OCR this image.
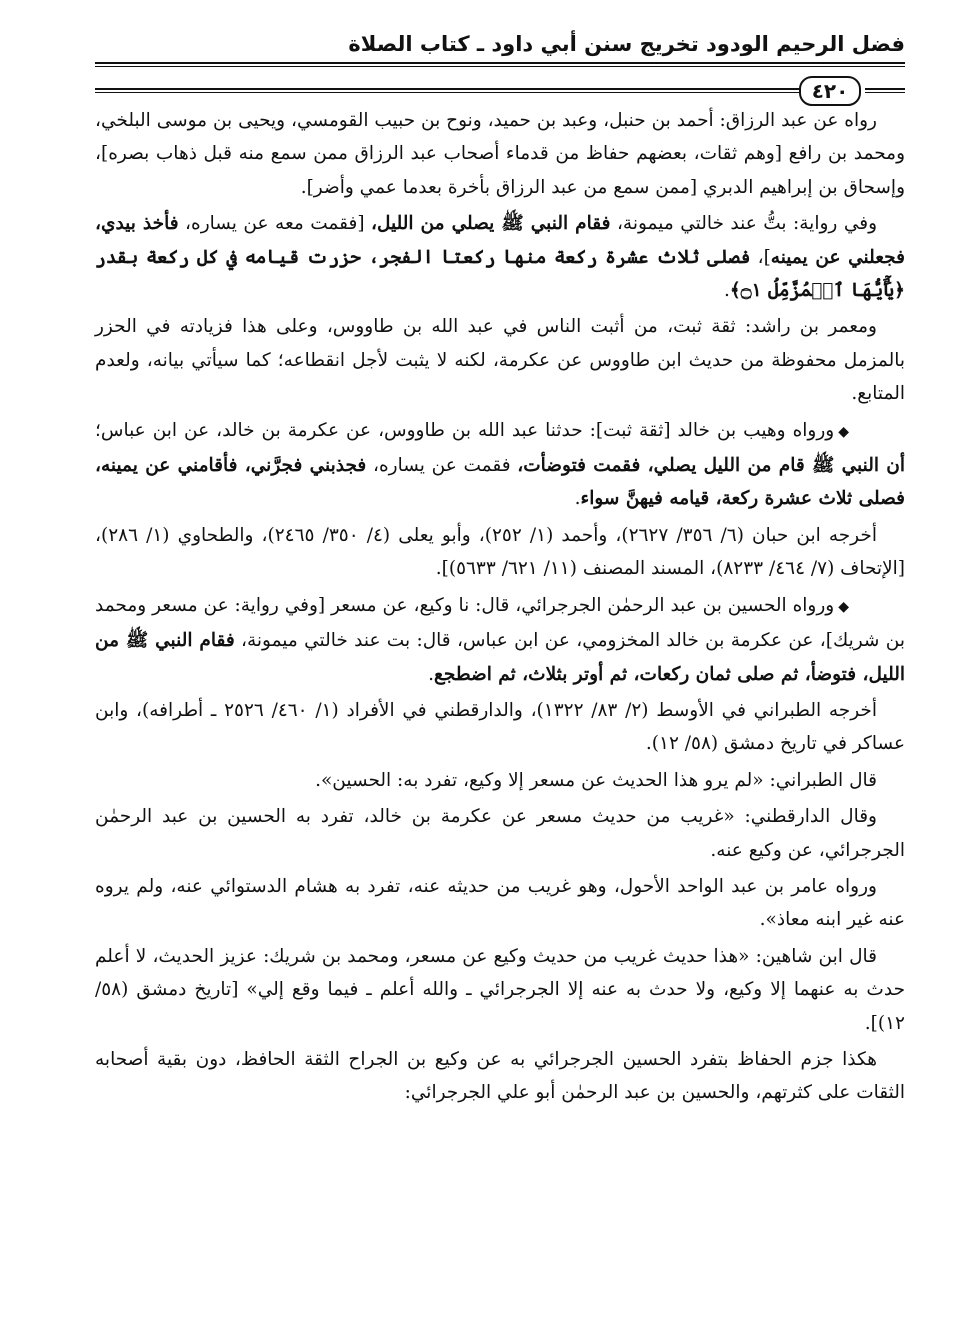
فضل الرحيم الودود تخريج سنن أبي داود ـ كتاب الصلاة
٤٢٠

رواه عن عبد الرزاق: أحمد بن حنبل، وعبد بن حميد، ونوح بن حبيب القومسي، ويحيى بن موسى البلخي، ومحمد بن رافع [وهم ثقات، بعضهم حفاظ من قدماء أصحاب عبد الرزاق ممن سمع منه قبل ذهاب بصره]، وإسحاق بن إبراهيم الدبري [ممن سمع من عبد الرزاق بأخرة بعدما عمي وأضر].

وفي رواية: بتُّ عند خالتي ميمونة، فقام النبي ﷺ يصلي من الليل، [فقمت معه عن يساره، فأخذ بيدي، فجعلني عن يمينه]، فصلى ثلاث عشرة ركعة منها ركعتا الفجر، حزرت قيامه في كل ركعة بقدر ﴿يَٰٓأَيُّهَا ٱلۡمُزَّمِّلُ ۝١﴾.

ومعمر بن راشد: ثقة ثبت، من أثبت الناس في عبد الله بن طاووس، وعلى هذا فزيادته في الحزر بالمزمل محفوظة من حديث ابن طاووس عن عكرمة، لكنه لا يثبت لأجل انقطاعه؛ كما سيأتي بيانه، ولعدم المتابع.

◆ورواه وهيب بن خالد [ثقة ثبت]: حدثنا عبد الله بن طاووس، عن عكرمة بن خالد، عن ابن عباس؛ أن النبي ﷺ قام من الليل يصلي، فقمت فتوضأت، فقمت عن يساره، فجذبني فجرَّني، فأقامني عن يمينه، فصلى ثلاث عشرة ركعة، قيامه فيهنَّ سواء.

أخرجه ابن حبان (٦/ ٣٥٦/ ٢٦٢٧)، وأحمد (١/ ٢٥٢)، وأبو يعلى (٤/ ٣٥٠/ ٢٤٦٥)، والطحاوي (١/ ٢٨٦)، [الإتحاف (٧/ ٤٦٤/ ٨٢٣٣)، المسند المصنف (١١/ ٦٢١/ ٥٦٣٣)].

◆ورواه الحسين بن عبد الرحمٰن الجرجرائي، قال: نا وكيع، عن مسعر [وفي رواية: عن مسعر ومحمد بن شريك]، عن عكرمة بن خالد المخزومي، عن ابن عباس، قال: بت عند خالتي ميمونة، فقام النبي ﷺ من الليل، فتوضأ، ثم صلى ثمان ركعات، ثم أوتر بثلاث، ثم اضطجع.

أخرجه الطبراني في الأوسط (٢/ ٨٣/ ١٣٢٢)، والدارقطني في الأفراد (١/ ٤٦٠/ ٢٥٢٦ ـ أطرافه)، وابن عساكر في تاريخ دمشق (٥٨/ ١٢).

قال الطبراني: «لم يرو هذا الحديث عن مسعر إلا وكيع، تفرد به: الحسين».

وقال الدارقطني: «غريب من حديث مسعر عن عكرمة بن خالد، تفرد به الحسين بن عبد الرحمٰن الجرجرائي، عن وكيع عنه.

ورواه عامر بن عبد الواحد الأحول، وهو غريب من حديثه عنه، تفرد به هشام الدستوائي عنه، ولم يروه عنه غير ابنه معاذ».

قال ابن شاهين: «هذا حديث غريب من حديث وكيع عن مسعر، ومحمد بن شريك: عزيز الحديث، لا أعلم حدث به عنهما إلا وكيع، ولا حدث به عنه إلا الجرجرائي ـ والله أعلم ـ فيما وقع إلي» [تاريخ دمشق (٥٨/ ١٢)].

هكذا جزم الحفاظ بتفرد الحسين الجرجرائي به عن وكيع بن الجراح الثقة الحافظ، دون بقية أصحابه الثقات على كثرتهم، والحسين بن عبد الرحمٰن أبو علي الجرجرائي:
